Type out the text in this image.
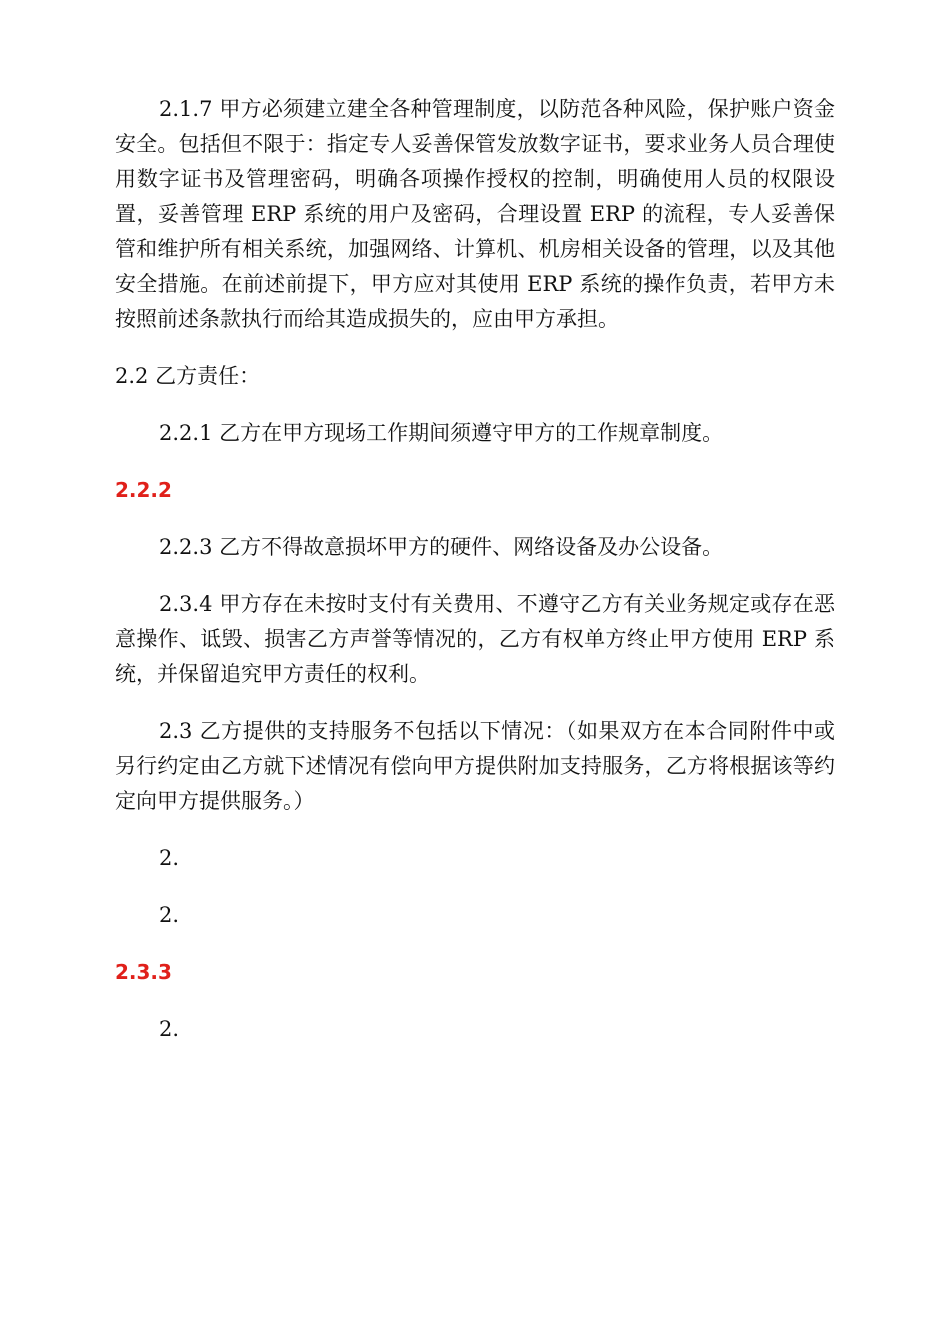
2.1.7 甲方必须建立建全各种管理制度，以防范各种风险，保护账户资金安全。包括但不限于：指定专人妥善保管发放数字证书，要求业务人员合理使用数字证书及管理密码，明确各项操作授权的控制，明确使用人员的权限设置，妥善管理 ERP 系统的用户及密码，合理设置 ERP 的流程，专人妥善保管和维护所有相关系统，加强网络、计算机、机房相关设备的管理，以及其他安全措施。在前述前提下，甲方应对其使用 ERP 系统的操作负责，若甲方未按照前述条款执行而给其造成损失的，应由甲方承担。

2.2 乙方责任：

2.2.1 乙方在甲方现场工作期间须遵守甲方的工作规章制度。

2.2.2

2.2.3 乙方不得故意损坏甲方的硬件、网络设备及办公设备。

2.3.4 甲方存在未按时支付有关费用、不遵守乙方有关业务规定或存在恶意操作、诋毁、损害乙方声誉等情况的，乙方有权单方终止甲方使用 ERP 系统，并保留追究甲方责任的权利。

2.3 乙方提供的支持服务不包括以下情况：（如果双方在本合同附件中或另行约定由乙方就下述情况有偿向甲方提供附加支持服务，乙方将根据该等约定向甲方提供服务。）

2.

2.

2.3.3

2.
